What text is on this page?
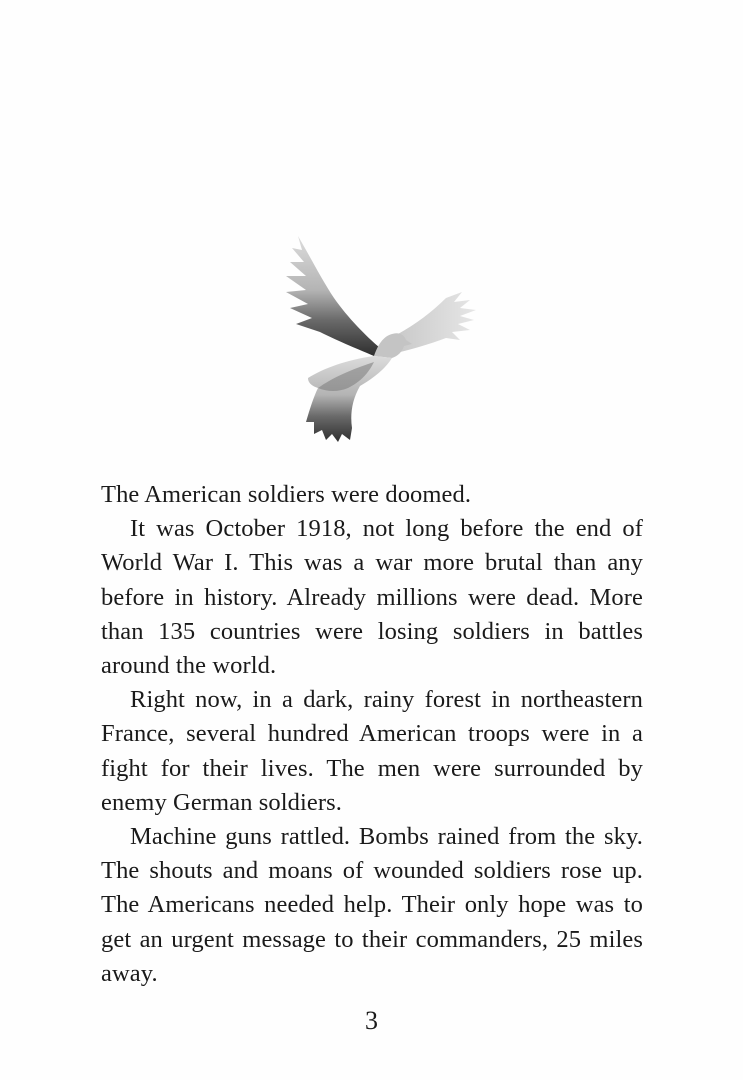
The American soldiers were doomed.

It was October 1918, not long before the end of World War I. This was a war more brutal than any before in history. Already millions were dead. More than 135 countries were losing soldiers in battles around the world.

Right now, in a dark, rainy forest in northeastern France, several hundred American troops were in a fight for their lives. The men were surrounded by enemy German soldiers.

Machine guns rattled. Bombs rained from the sky. The shouts and moans of wounded soldiers rose up. The Americans needed help. Their only hope was to get an urgent message to their commanders, 25 miles away.

3
